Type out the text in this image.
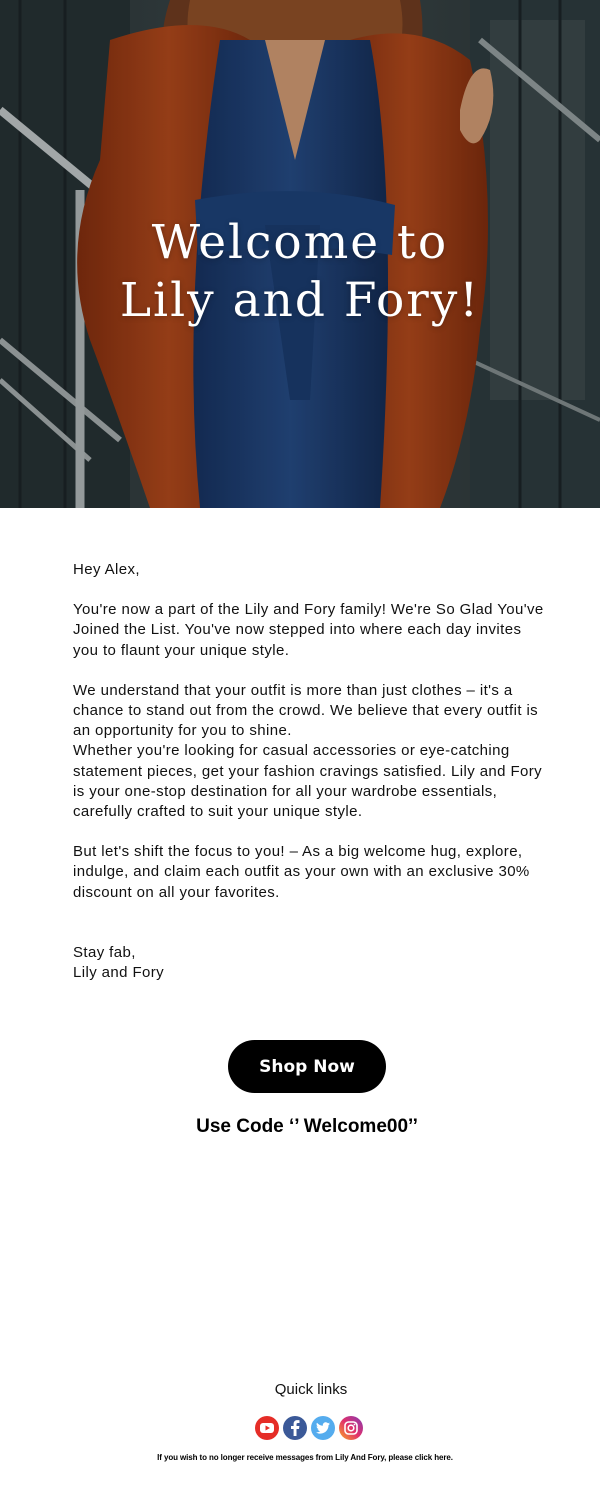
Welcome to
Lily and Fory!

Hey Alex,

You're now a part of the Lily and Fory family! We're So Glad You've Joined the List. You've now stepped into where each day invites you to flaunt your unique style.

We understand that your outfit is more than just clothes – it's a chance to stand out from the crowd. We believe that every outfit is an opportunity for you to shine.

Whether you're looking for casual accessories or eye-catching statement pieces, get your fashion cravings satisfied. Lily and Fory is your one-stop destination for all your wardrobe essentials, carefully crafted to suit your unique style.

But let's shift the focus to you! – As a big welcome hug, explore, indulge, and claim each outfit as your own with an exclusive 30% discount on all your favorites.

Stay fab,

Lily and Fory

Shop Now
Use Code ‘’ Welcome00’’
Quick links
If you wish to no longer receive messages from Lily And Fory, please click here.
